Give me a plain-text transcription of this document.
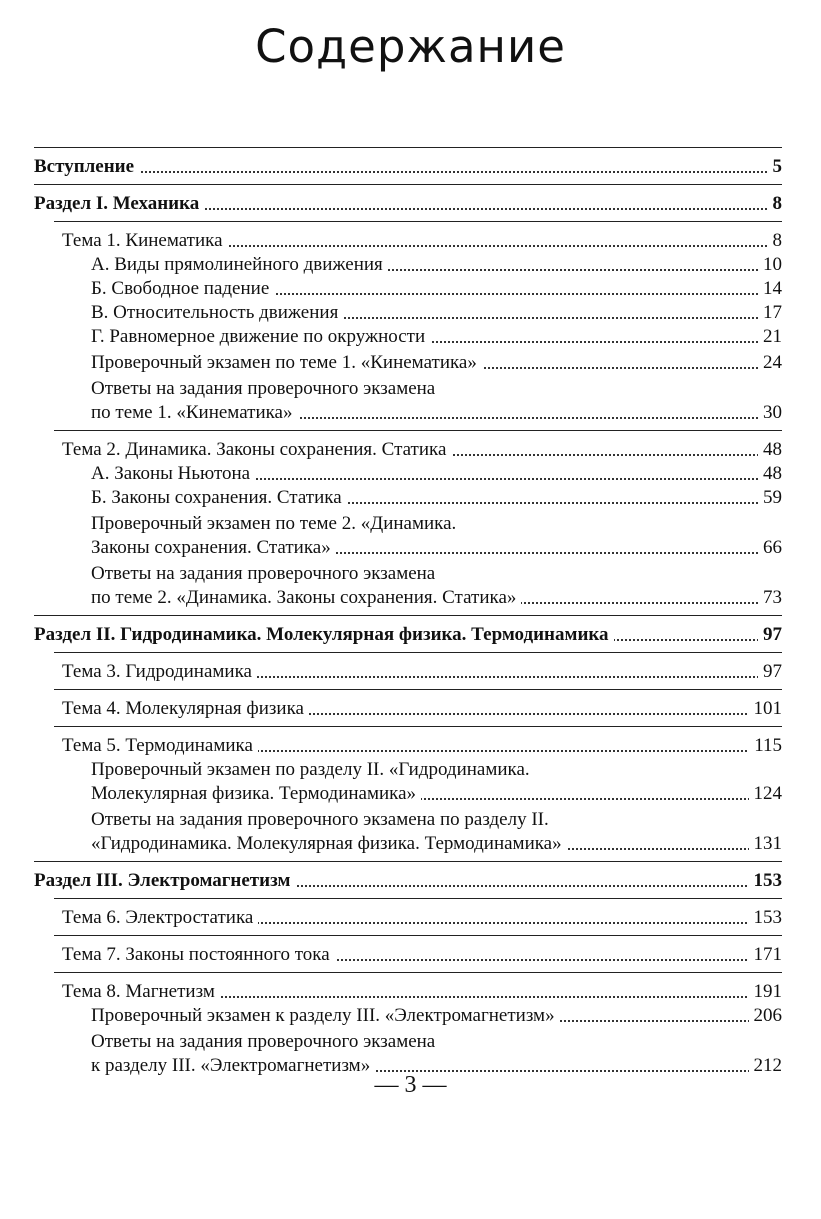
Содержание
Вступление	5
Раздел I. Механика	8
Тема 1. Кинематика	8
А. Виды прямолинейного движения	10
Б. Свободное падение	14
В. Относительность движения	17
Г. Равномерное движение по окружности	21
Проверочный экзамен по теме 1. «Кинематика»	24
Ответы на задания проверочного экзамена
по теме 1. «Кинематика»	30
Тема 2. Динамика. Законы сохранения. Статика	48
А. Законы Ньютона	48
Б. Законы сохранения. Статика	59
Проверочный экзамен по теме 2. «Динамика.
Законы сохранения. Статика»	66
Ответы на задания проверочного экзамена
по теме 2. «Динамика. Законы сохранения. Статика»	73
Раздел II. Гидродинамика. Молекулярная физика. Термодинамика	97
Тема 3. Гидродинамика	97
Тема 4. Молекулярная физика	101
Тема 5. Термодинамика	115
Проверочный экзамен по разделу II. «Гидродинамика.
Молекулярная физика. Термодинамика»	124
Ответы на задания проверочного экзамена по разделу II.
«Гидродинамика. Молекулярная физика. Термодинамика»	131
Раздел III. Электромагнетизм	153
Тема 6. Электростатика	153
Тема 7. Законы постоянного тока	171
Тема 8. Магнетизм	191
Проверочный экзамен к разделу III. «Электромагнетизм»	206
Ответы на задания проверочного экзамена
к разделу III. «Электромагнетизм»	212
— 3 —
